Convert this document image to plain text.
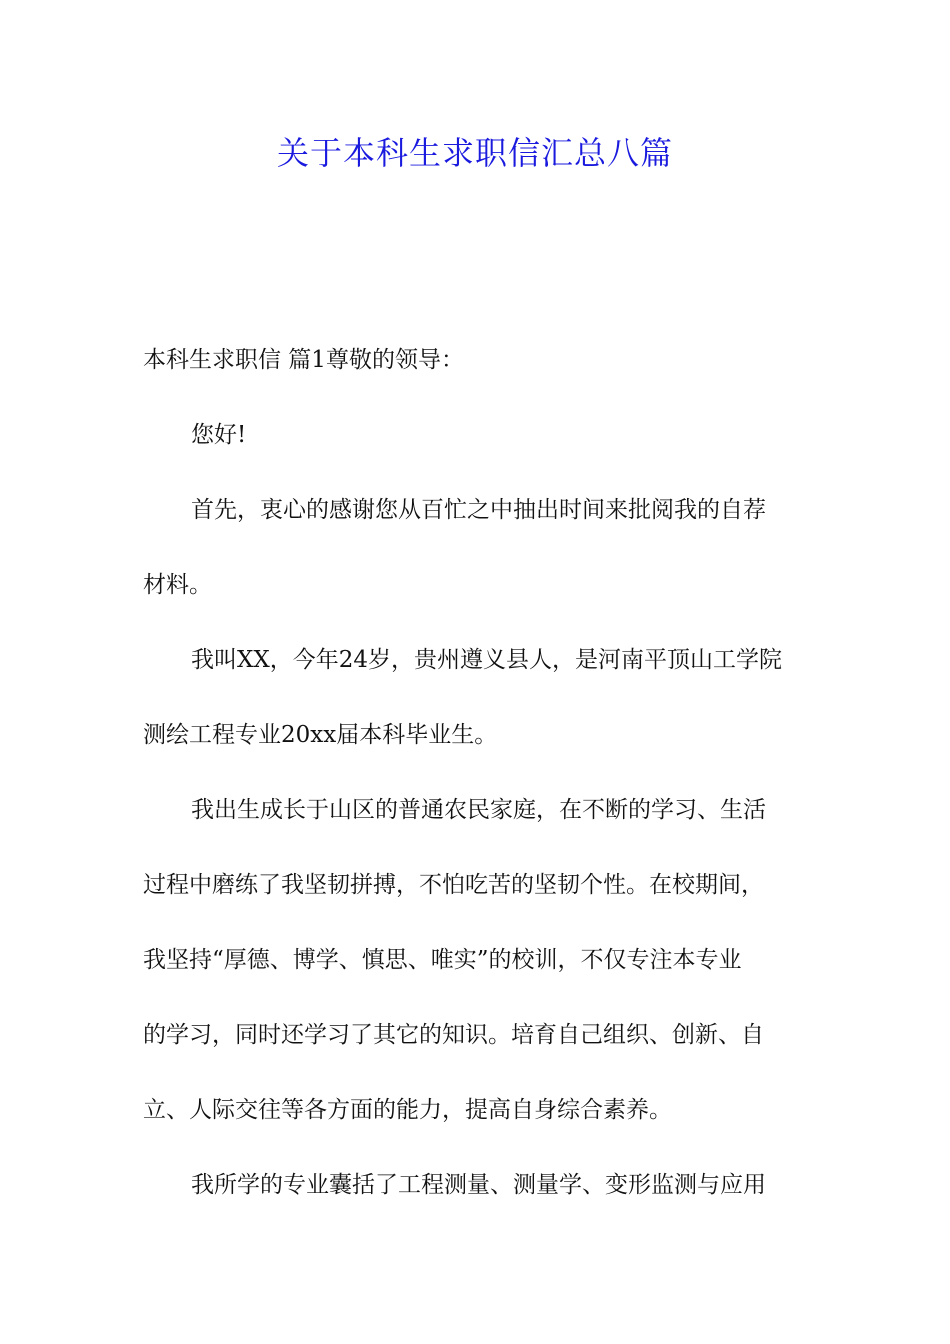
关于本科生求职信汇总八篇
本科生求职信 篇1尊敬的领导：
您好!
首先，衷心的感谢您从百忙之中抽出时间来批阅我的自荐
材料。
我叫XX，今年24岁，贵州遵义县人，是河南平顶山工学院
测绘工程专业20xx届本科毕业生。
我出生成长于山区的普通农民家庭，在不断的学习、生活
过程中磨练了我坚韧拼搏，不怕吃苦的坚韧个性。在校期间，
我坚持“厚德、博学、慎思、唯实”的校训，不仅专注本专业
的学习，同时还学习了其它的知识。培育自己组织、创新、自
立、人际交往等各方面的能力，提高自身综合素养。
我所学的专业囊括了工程测量、测量学、变形监测与应用
